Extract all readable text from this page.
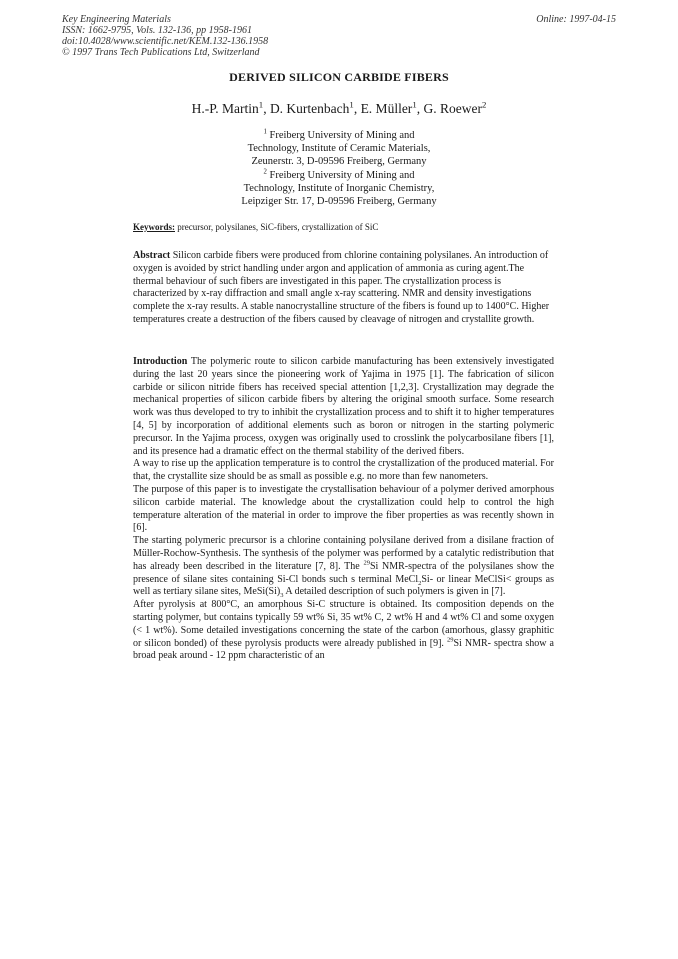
Key Engineering Materials
ISSN: 1662-9795, Vols. 132-136, pp 1958-1961
doi:10.4028/www.scientific.net/KEM.132-136.1958
© 1997 Trans Tech Publications Ltd, Switzerland
Online: 1997-04-15
DERIVED SILICON CARBIDE FIBERS
H.-P. Martin$^1$, D. Kurtenbach$^1$, E. Müller$^1$, G. Roewer$^2$
$^1$ Freiberg University of Mining and
Technology, Institute of Ceramic Materials,
Zeunerstr. 3, D-09596 Freiberg, Germany
$^2$ Freiberg University of Mining and
Technology, Institute of Inorganic Chemistry,
Leipziger Str. 17, D-09596 Freiberg, Germany
Keywords: precursor, polysilanes, SiC-fibers, crystallization of SiC

Abstract Silicon carbide fibers were produced from chlorine containing polysilanes. An introduction of oxygen is avoided by strict handling under argon and application of ammonia as curing agent.The thermal behaviour of such fibers are investigated in this paper. The crystallization process is characterized by x-ray diffraction and small angle x-ray scattering. NMR and density investigations complete the x-ray results. A stable nanocrystalline structure of the fibers is found up to 1400°C. Higher temperatures create a destruction of the fibers caused by cleavage of nitrogen and crystallite growth.

Introduction The polymeric route to silicon carbide manufacturing has been extensively investigated during the last 20 years since the pioneering work of Yajima in 1975 [1]. The fabrication of silicon carbide or silicon nitride fibers has received special attention [1,2,3]. Crystallization may degrade the mechanical properties of silicon carbide fibers by altering the original smooth surface. Some research work was thus developed to try to inhibit the crystallization process and to shift it to higher temperatures [4, 5] by incorporation of additional elements such as boron or nitrogen in the starting polymeric precursor. In the Yajima process, oxygen was originally used to crosslink the polycarbosilane fibers [1], and its presence had a dramatic effect on the thermal stability of the derived fibers.

A way to rise up the application temperature is to control the crystallization of the produced material. For that, the crystallite size should be as small as possible e.g. no more than few nanometers.

The purpose of this paper is to investigate the crystallisation behaviour of a polymer derived amorphous silicon carbide material. The knowledge about the crystallization could help to control the high temperature alteration of the material in order to improve the fiber properties as was recently shown in [6].

The starting polymeric precursor is a chlorine containing polysilane derived from a disilane fraction of Müller-Rochow-Synthesis. The synthesis of the polymer was performed by a catalytic redistribution that has already been described in the literature [7, 8]. The $^{29}$Si NMR-spectra of the polysilanes show the presence of silane sites containing Si-Cl bonds such s terminal MeCl$_2$Si- or linear MeClSi< groups as well as tertiary silane sites, $MeSi(Si)_3$ A detailed description of such polymers is given in [7].

After pyrolysis at 800°C, an amorphous Si-C structure is obtained. Its composition depends on the starting polymer, but contains typically 59 wt% Si, 35 wt% C, 2 wt% H and 4 wt% Cl and some oxygen (< 1 wt%). Some detailed investigations concerning the state of the carbon (amorhous, glassy graphitic or silicon bonded) of these pyrolysis products were already published in [9]. $^{29}$Si NMR- spectra show a broad peak around - 12 ppm characteristic of an
